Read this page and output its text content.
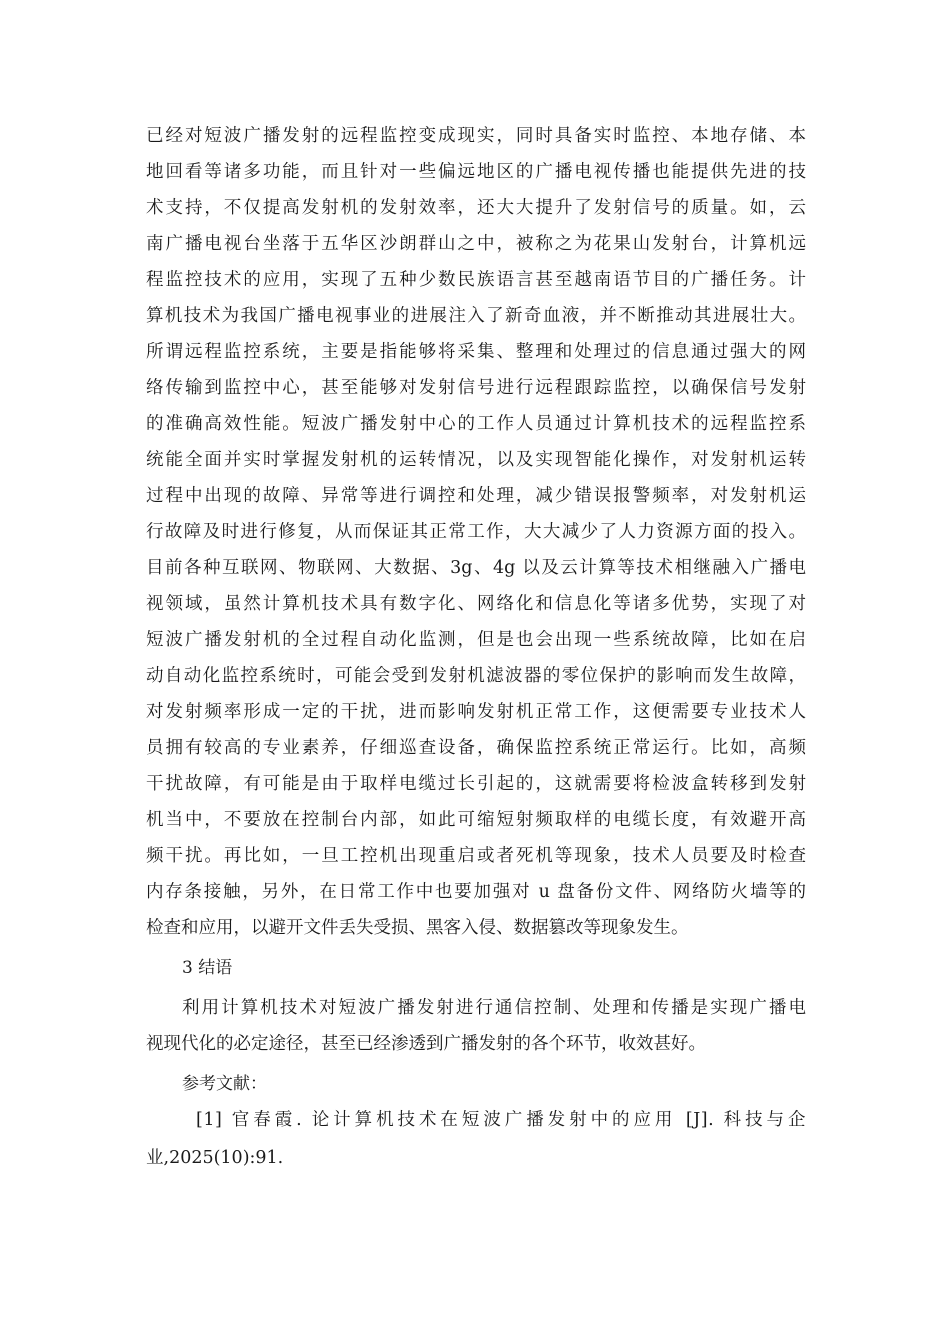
已经对短波广播发射的远程监控变成现实，同时具备实时监控、本地存储、本
地回看等诸多功能，而且针对一些偏远地区的广播电视传播也能提供先进的技
术支持，不仅提高发射机的发射效率，还大大提升了发射信号的质量。如，云
南广播电视台坐落于五华区沙朗群山之中，被称之为花果山发射台，计算机远
程监控技术的应用，实现了五种少数民族语言甚至越南语节目的广播任务。计
算机技术为我国广播电视事业的进展注入了新奇血液，并不断推动其进展壮大。
所谓远程监控系统，主要是指能够将采集、整理和处理过的信息通过强大的网
络传输到监控中心，甚至能够对发射信号进行远程跟踪监控，以确保信号发射
的准确高效性能。短波广播发射中心的工作人员通过计算机技术的远程监控系
统能全面并实时掌握发射机的运转情况，以及实现智能化操作，对发射机运转
过程中出现的故障、异常等进行调控和处理，减少错误报警频率，对发射机运
行故障及时进行修复，从而保证其正常工作，大大减少了人力资源方面的投入。
目前各种互联网、物联网、大数据、3g、4g 以及云计算等技术相继融入广播电
视领域，虽然计算机技术具有数字化、网络化和信息化等诸多优势，实现了对
短波广播发射机的全过程自动化监测，但是也会出现一些系统故障，比如在启
动自动化监控系统时，可能会受到发射机滤波器的零位保护的影响而发生故障，
对发射频率形成一定的干扰，进而影响发射机正常工作，这便需要专业技术人
员拥有较高的专业素养，仔细巡查设备，确保监控系统正常运行。比如，高频
干扰故障，有可能是由于取样电缆过长引起的，这就需要将检波盒转移到发射
机当中，不要放在控制台内部，如此可缩短射频取样的电缆长度，有效避开高
频干扰。再比如，一旦工控机出现重启或者死机等现象，技术人员要及时检查
内存条接触，另外，在日常工作中也要加强对 u 盘备份文件、网络防火墙等的
检查和应用，以避开文件丢失受损、黑客入侵、数据篡改等现象发生。
3 结语
利用计算机技术对短波广播发射进行通信控制、处理和传播是实现广播电
视现代化的必定途径，甚至已经渗透到广播发射的各个环节，收效甚好。
参考文献：
[1] 官春霞. 论计算机技术在短波广播发射中的应用 [J]. 科技与企
业,2025(10):91.
